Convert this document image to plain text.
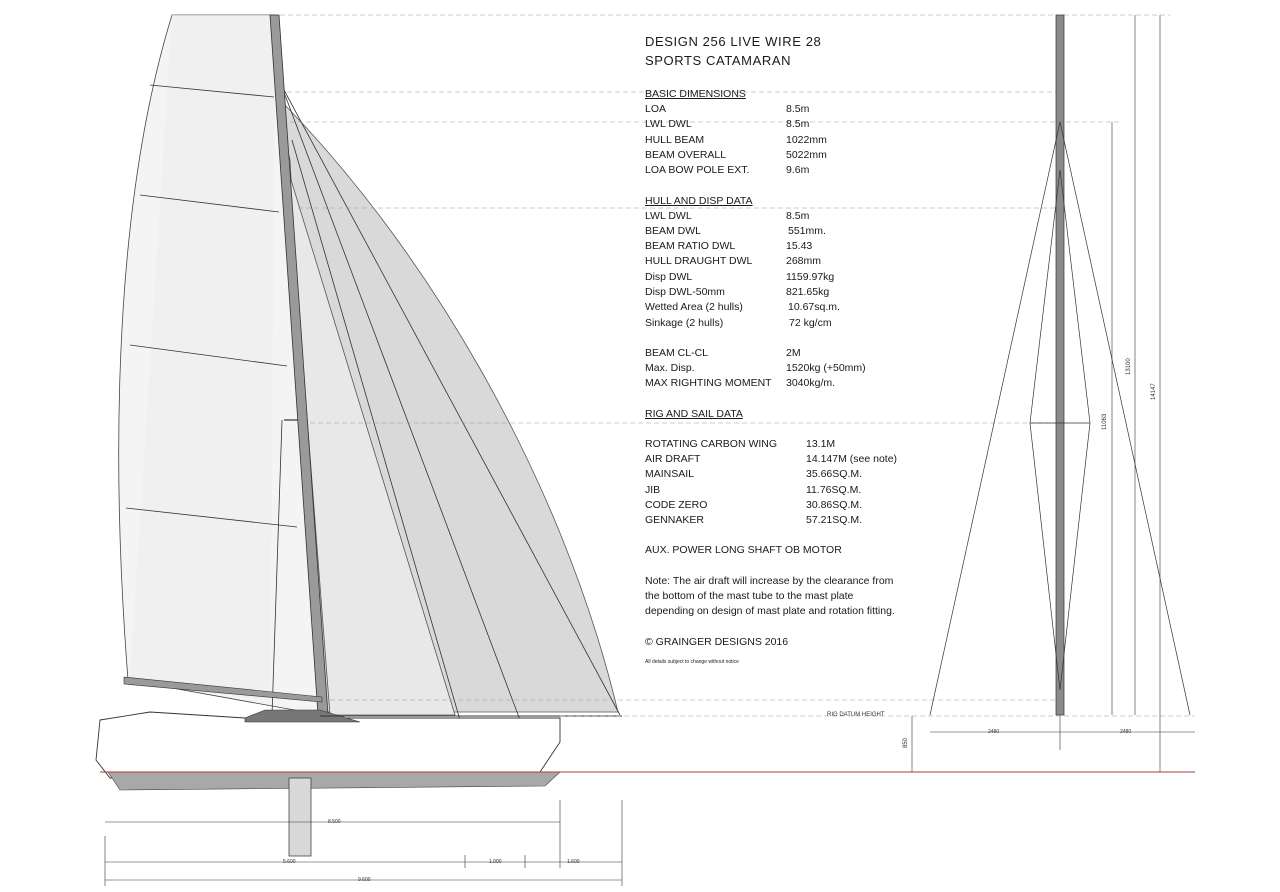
DESIGN 256 LIVE WIRE 28
SPORTS CATAMARAN
BASIC DIMENSIONS
LOA	8.5m
LWL DWL	8.5m
HULL BEAM	1022mm
BEAM OVERALL	5022mm
LOA BOW POLE EXT.	9.6m
HULL AND DISP DATA
LWL DWL	8.5m
BEAM DWL	551mm.
BEAM RATIO DWL	15.43
HULL DRAUGHT DWL	268mm
Disp DWL	1159.97kg
Disp DWL-50mm	821.65kg
Wetted Area (2 hulls)	10.67sq.m.
Sinkage (2 hulls)	72 kg/cm
BEAM CL-CL	2M
Max. Disp.	1520kg (+50mm)
MAX RIGHTING MOMENT 3040kg/m.
RIG AND SAIL DATA
ROTATING CARBON WING	13.1M
AIR DRAFT	14.147M (see note)
MAINSAIL	35.66SQ.M.
JIB	11.76SQ.M.
CODE ZERO	30.86SQ.M.
GENNAKER	57.21SQ.M.
AUX. POWER LONG SHAFT OB MOTOR
Note: The air draft will increase by the clearance from
the bottom of the mast tube to the mast plate
depending on design of mast plate and rotation fitting.
© GRAINGER DESIGNS 2016
All details subject to change without notice
RIG DATUM HEIGHT
11063
13100
14147
850
2480	2480
8.500
5.600	1.000	1.600
9.600
